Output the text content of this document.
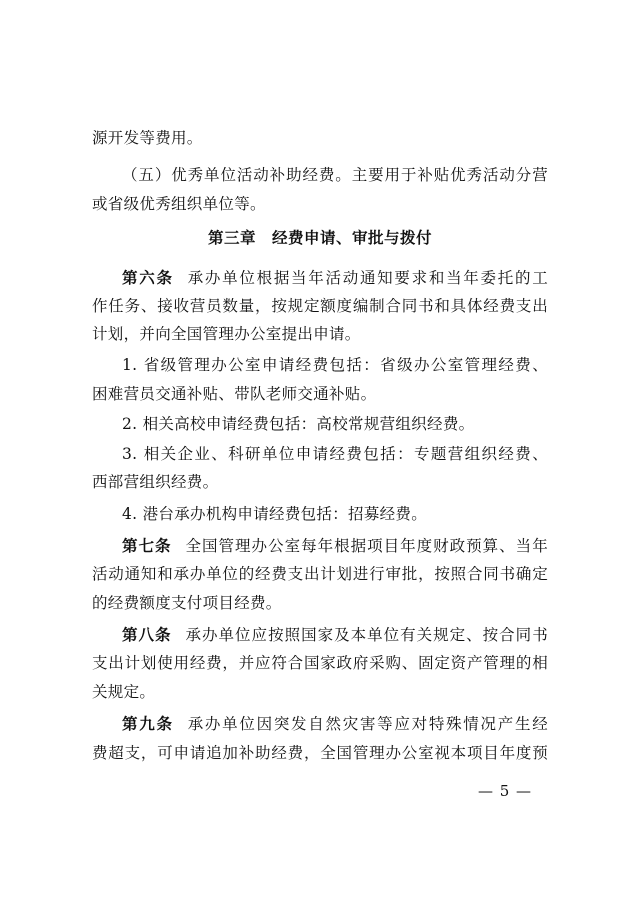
源开发等费用。
（五）优秀单位活动补助经费。主要用于补贴优秀活动分营
或省级优秀组织单位等。
第三章　经费申请、审批与拨付
第六条 承办单位根据当年活动通知要求和当年委托的工
作任务、接收营员数量，按规定额度编制合同书和具体经费支出
计划，并向全国管理办公室提出申请。
1. 省级管理办公室申请经费包括：省级办公室管理经费、
困难营员交通补贴、带队老师交通补贴。
2. 相关高校申请经费包括：高校常规营组织经费。
3. 相关企业、科研单位申请经费包括：专题营组织经费、
西部营组织经费。
4. 港台承办机构申请经费包括：招募经费。
第七条 全国管理办公室每年根据项目年度财政预算、当年
活动通知和承办单位的经费支出计划进行审批，按照合同书确定
的经费额度支付项目经费。
第八条 承办单位应按照国家及本单位有关规定、按合同书
支出计划使用经费，并应符合国家政府采购、固定资产管理的相
关规定。
第九条 承办单位因突发自然灾害等应对特殊情况产生经
费超支，可申请追加补助经费，全国管理办公室视本项目年度预
— 5 —
